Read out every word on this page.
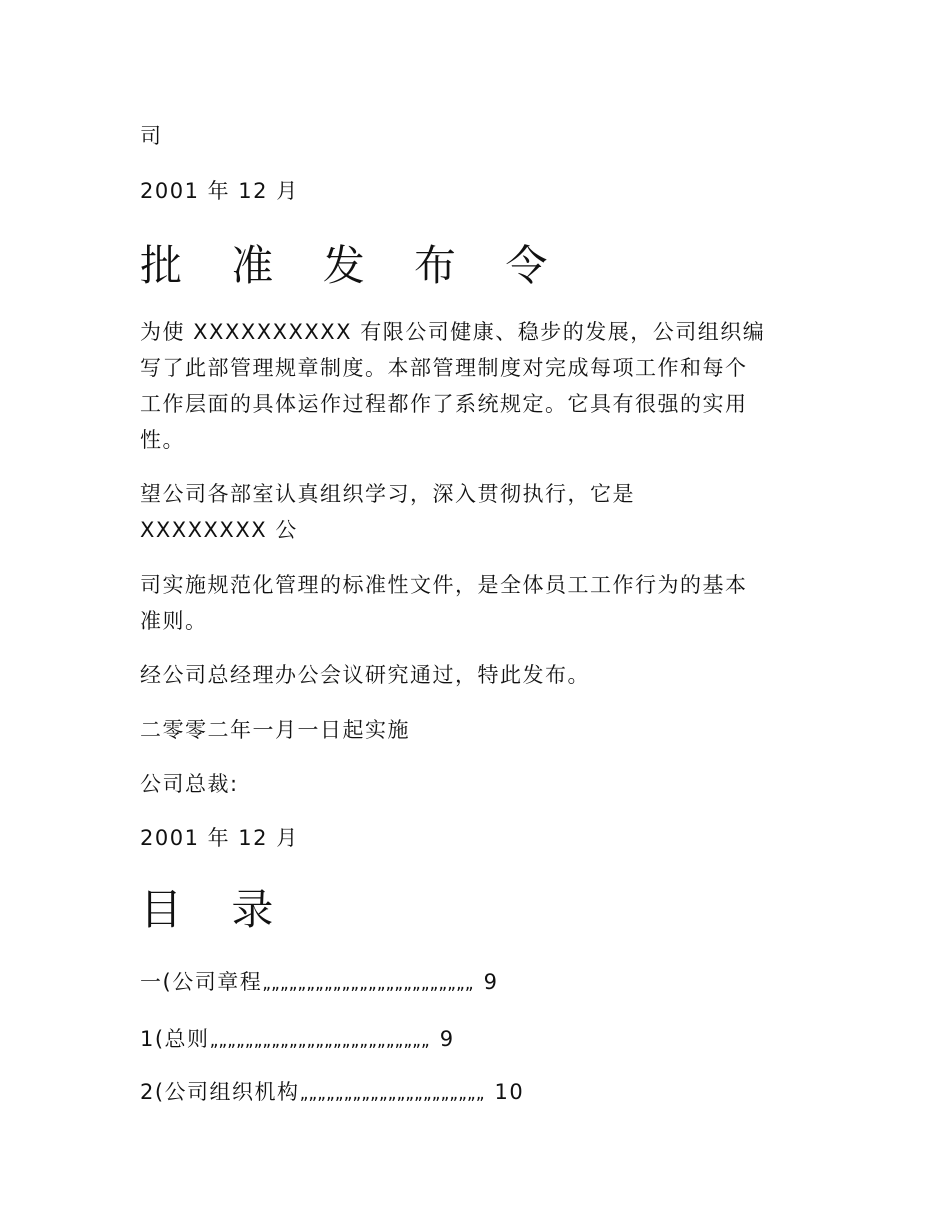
司
2001 年 12 月
批 准 发 布 令
为使 XXXXXXXXXX 有限公司健康、稳步的发展，公司组织编
写了此部管理规章制度。本部管理制度对完成每项工作和每个
工作层面的具体运作过程都作了系统规定。它具有很强的实用
性。
望公司各部室认真组织学习，深入贯彻执行，它是
XXXXXXXX 公
司实施规范化管理的标准性文件，是全体员工工作行为的基本
准则。
经公司总经理办公会议研究通过，特此发布。
二零零二年一月一日起实施
公司总裁:
2001 年 12 月
目 录
一(公司章程„„„„„„„„„„„„„„„„„„„„„„„„ 9
1(总则„„„„„„„„„„„„„„„„„„„„„„„„„ 9
2(公司组织机构„„„„„„„„„„„„„„„„„„„„„ 10
